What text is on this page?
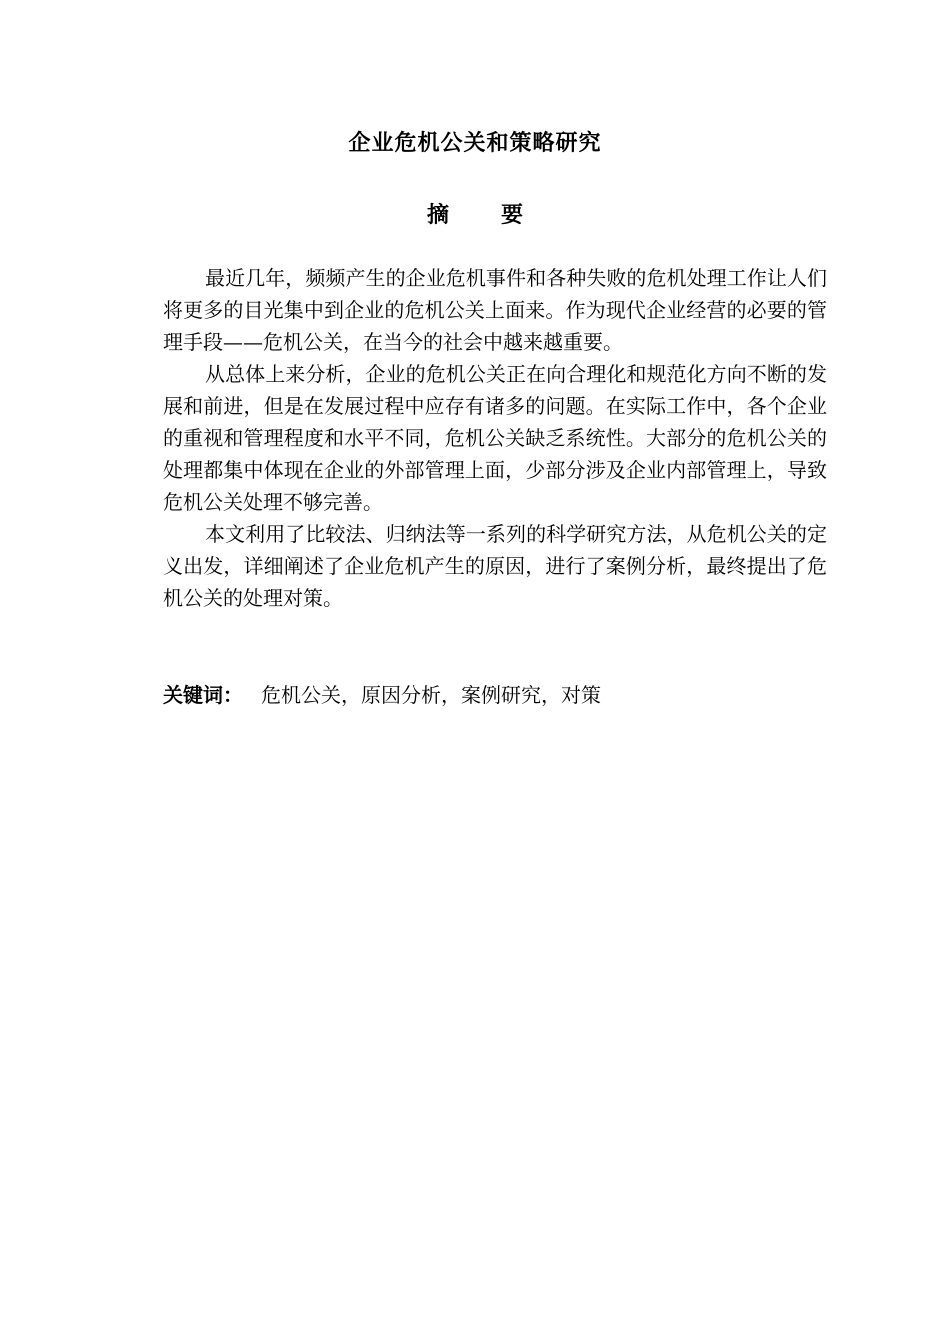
企业危机公关和策略研究
摘 要

最近几年，频频产生的企业危机事件和各种失败的危机处理工作让人们将更多的目光集中到企业的危机公关上面来。作为现代企业经营的必要的管理手段——危机公关，在当今的社会中越来越重要。

从总体上来分析，企业的危机公关正在向合理化和规范化方向不断的发展和前进，但是在发展过程中应存有诸多的问题。在实际工作中，各个企业的重视和管理程度和水平不同，危机公关缺乏系统性。大部分的危机公关的处理都集中体现在企业的外部管理上面，少部分涉及企业内部管理上，导致危机公关处理不够完善。

本文利用了比较法、归纳法等一系列的科学研究方法，从危机公关的定义出发，详细阐述了企业危机产生的原因，进行了案例分析，最终提出了危机公关的处理对策。

关键词： 危机公关，原因分析，案例研究，对策
